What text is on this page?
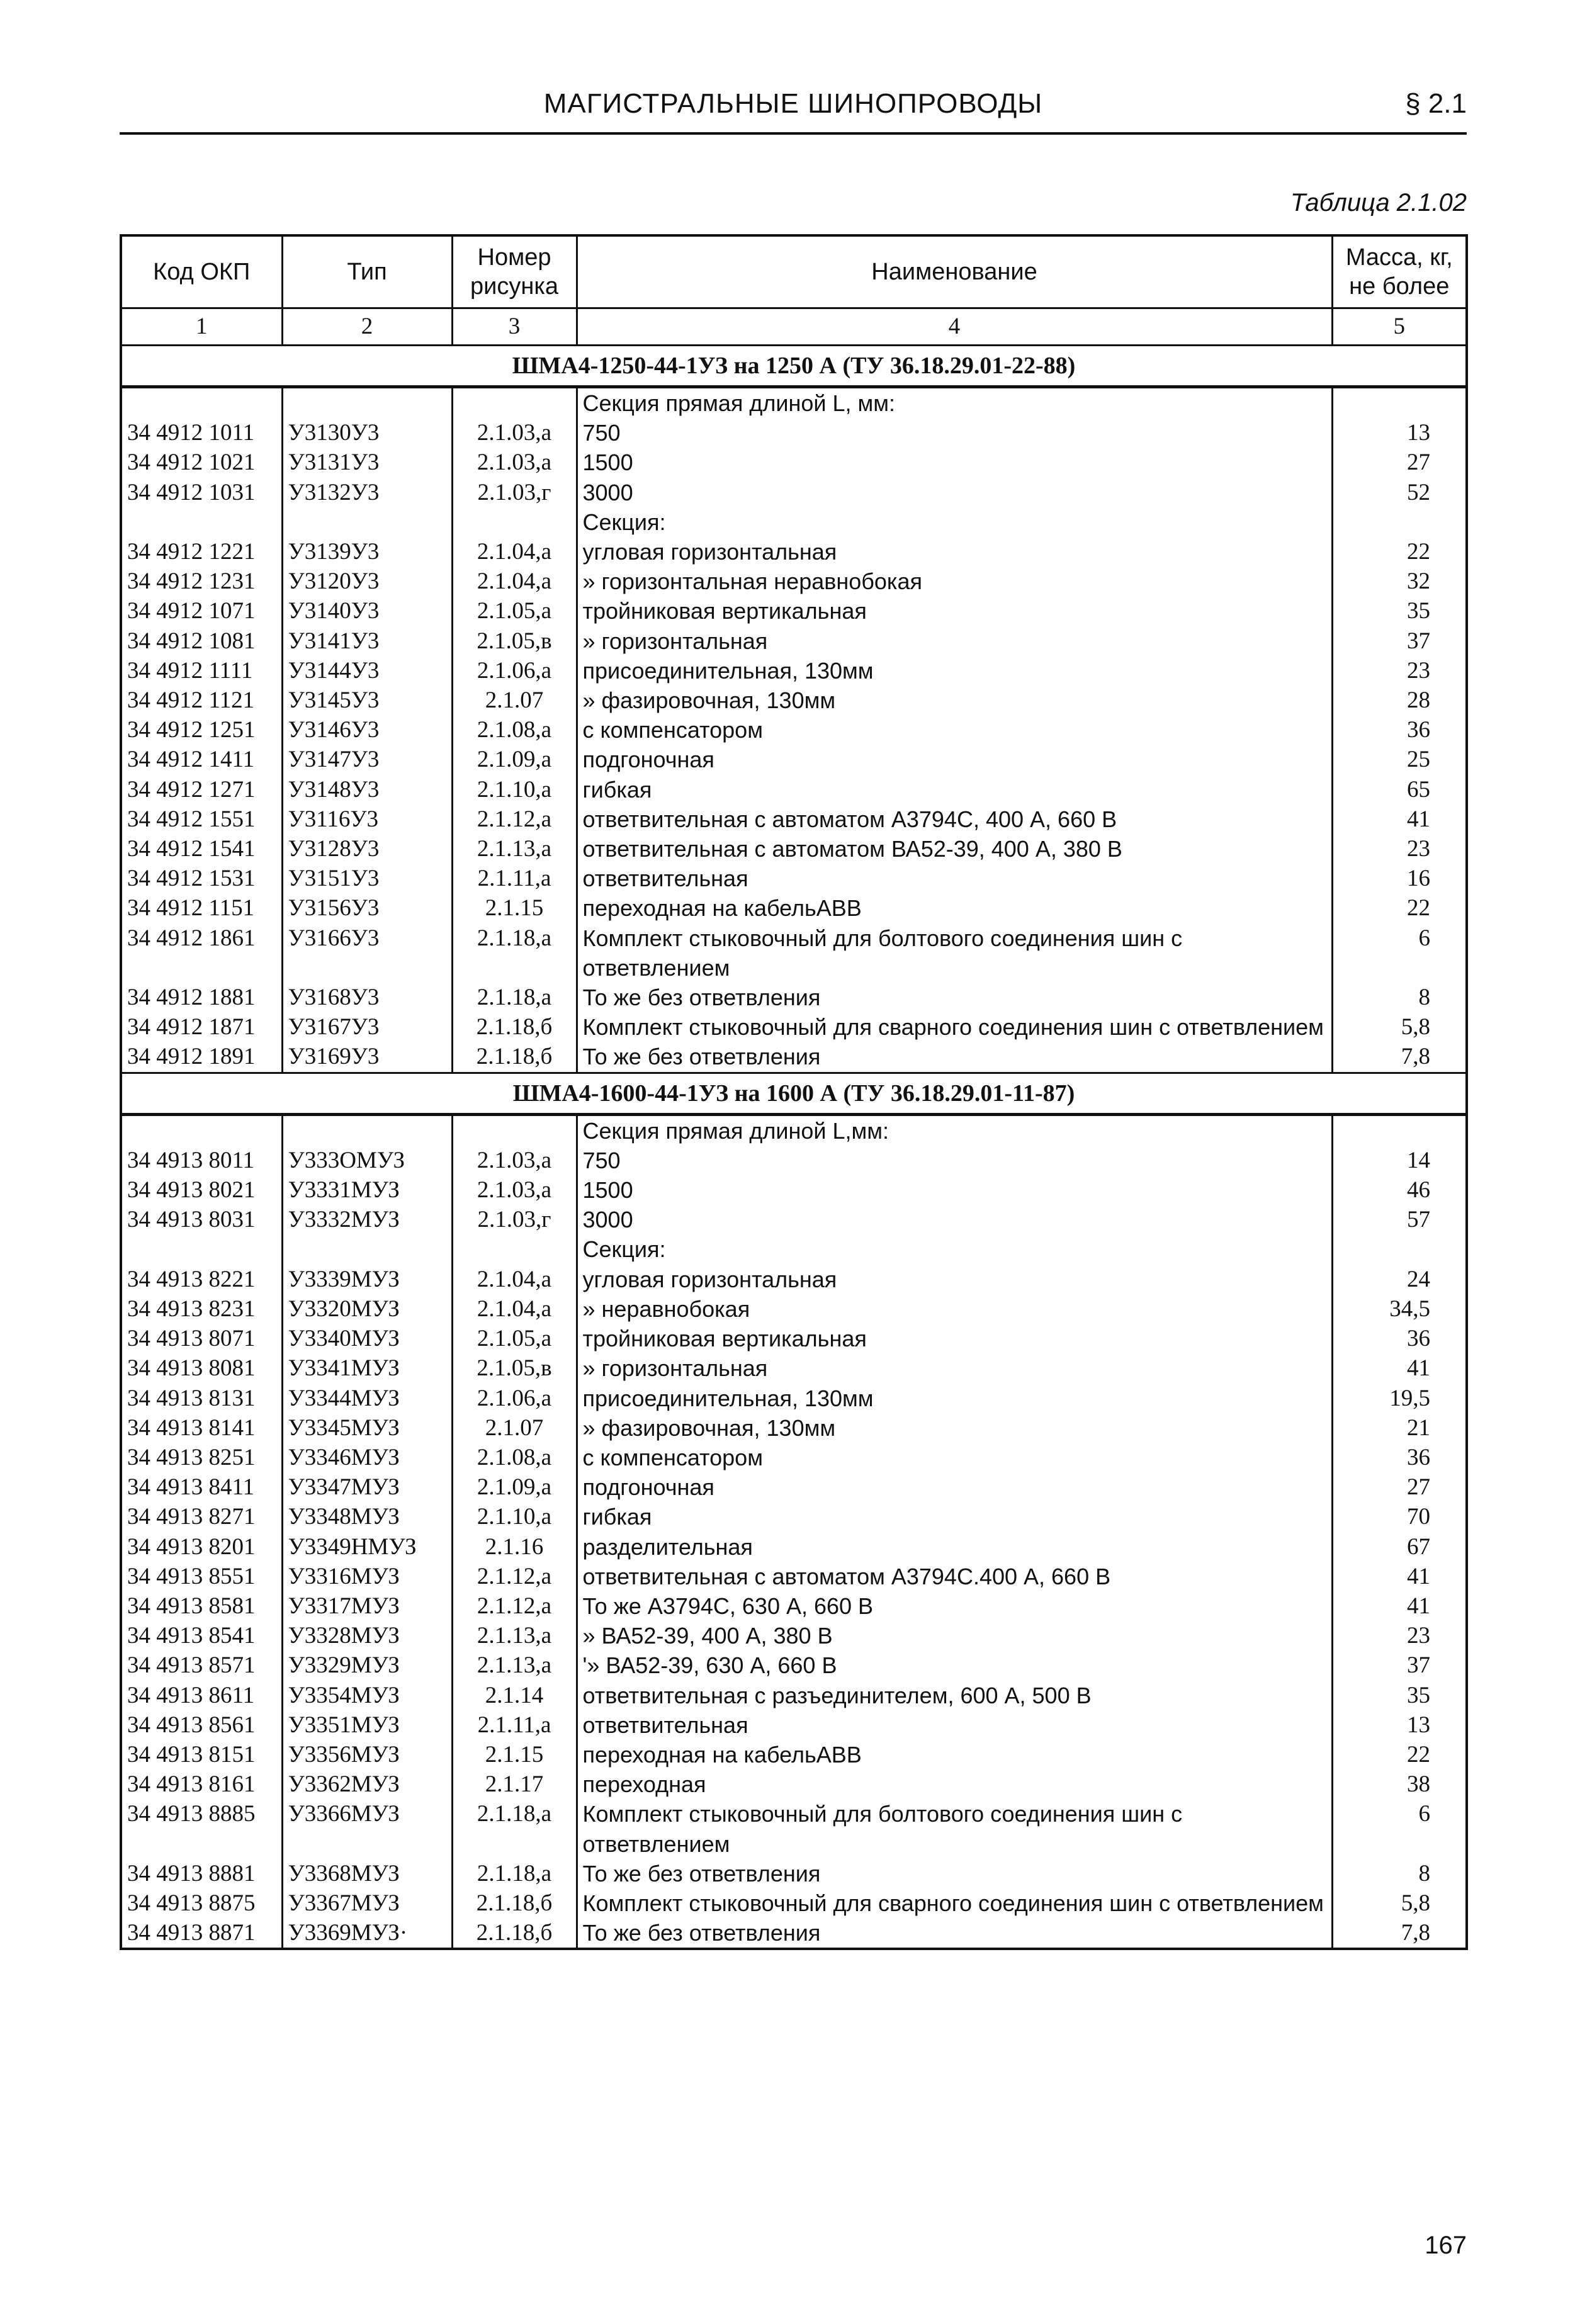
МАГИСТРАЛЬНЫЕ ШИНОПРОВОДЫ	§ 2.1
Таблица 2.1.02
Код ОКП	Тип	Номер рисунка	Наименование	Масса, кг, не более
1	2	3	4	5
ШМА4-1250-44-1УЗ на 1250 А (ТУ 36.18.29.01-22-88)				
			Секция прямая длиной L, мм:	
34 4912 1011	У3130У3	2.1.03,а	750	13
34 4912 1021	У3131У3	2.1.03,а	1500	27
34 4912 1031	У3132У3	2.1.03,г	3000	52
			Секция:	
34 4912 1221	У3139У3	2.1.04,а	угловая горизонтальная	22
34 4912 1231	У3120У3	2.1.04,а	» горизонтальная неравнобокая	32
34 4912 1071	У3140У3	2.1.05,а	тройниковая вертикальная	35
34 4912 1081	У3141У3	2.1.05,в	» горизонтальная	37
34 4912 1111	У3144У3	2.1.06,а	присоединительная, 130мм	23
34 4912 1121	У3145У3	2.1.07	» фазировочная, 130мм	28
34 4912 1251	У3146У3	2.1.08,а	с компенсатором	36
34 4912 1411	У3147У3	2.1.09,а	подгоночная	25
34 4912 1271	У3148У3	2.1.10,а	гибкая	65
34 4912 1551	У3116У3	2.1.12,а	ответвительная с автоматом А3794С, 400 А, 660 В	41
34 4912 1541	У3128У3	2.1.13,а	ответвительная с автоматом ВА52-39, 400 А, 380 В	23
34 4912 1531	У3151У3	2.1.11,а	ответвительная	16
34 4912 1151	У3156У3	2.1.15	переходная на кабельАВВ	22
34 4912 1861	У3166У3	2.1.18,а	Комплект стыковочный для болтового соединения шин с ответвлением	6
34 4912 1881	У3168У3	2.1.18,а	То же без ответвления	8
34 4912 1871	У3167У3	2.1.18,б	Комплект стыковочный для сварного соединения шин с ответвлением	5,8
34 4912 1891	У3169У3	2.1.18,б	То же без ответвления	7,8
ШМА4-1600-44-1УЗ на 1600 А (ТУ 36.18.29.01-11-87)				
			Секция прямая длиной L,мм:	
34 4913 8011	У333ОМУЗ	2.1.03,а	750	14
34 4913 8021	У3331МУЗ	2.1.03,а	1500	46
34 4913 8031	У3332МУЗ	2.1.03,г	3000	57
			Секция:	
34 4913 8221	У3339МУЗ	2.1.04,а	угловая горизонтальная	24
34 4913 8231	У3320МУЗ	2.1.04,а	» неравнобокая	34,5
34 4913 8071	У3340МУЗ	2.1.05,а	тройниковая вертикальная	36
34 4913 8081	У3341МУЗ	2.1.05,в	» горизонтальная	41
34 4913 8131	У3344МУЗ	2.1.06,а	присоединительная, 130мм	19,5
34 4913 8141	У3345МУЗ	2.1.07	» фазировочная, 130мм	21
34 4913 8251	У3346МУЗ	2.1.08,а	с компенсатором	36
34 4913 8411	У3347МУЗ	2.1.09,а	подгоночная	27
34 4913 8271	У3348МУЗ	2.1.10,а	гибкая	70
34 4913 8201	У3349НМУЗ	2.1.16	разделительная	67
34 4913 8551	У3316МУЗ	2.1.12,а	ответвительная с автоматом А3794С.400 А, 660 В	41
34 4913 8581	У3317МУЗ	2.1.12,а	То же А3794С, 630 А, 660 В	41
34 4913 8541	У3328МУЗ	2.1.13,а	» ВА52-39, 400 А, 380 В	23
34 4913 8571	У3329МУЗ	2.1.13,а	'» ВА52-39, 630 А, 660 В	37
34 4913 8611	У3354МУЗ	2.1.14	ответвительная с разъединителем, 600 А, 500 В	35
34 4913 8561	У3351МУЗ	2.1.11,а	ответвительная	13
34 4913 8151	У3356МУЗ	2.1.15	переходная на кабельАВВ	22
34 4913 8161	У3362МУЗ	2.1.17	переходная	38
34 4913 8885	У3366МУЗ	2.1.18,а	Комплект стыковочный для болтового соединения шин с ответвлением	6
34 4913 8881	У3368МУЗ	2.1.18,а	То же без ответвления	8
34 4913 8875	У3367МУЗ	2.1.18,б	Комплект стыковочный для сварного соединения шин с ответвлением	5,8
34 4913 8871	У3369МУЗ·	2.1.18,б	То же без ответвления	7,8
167
